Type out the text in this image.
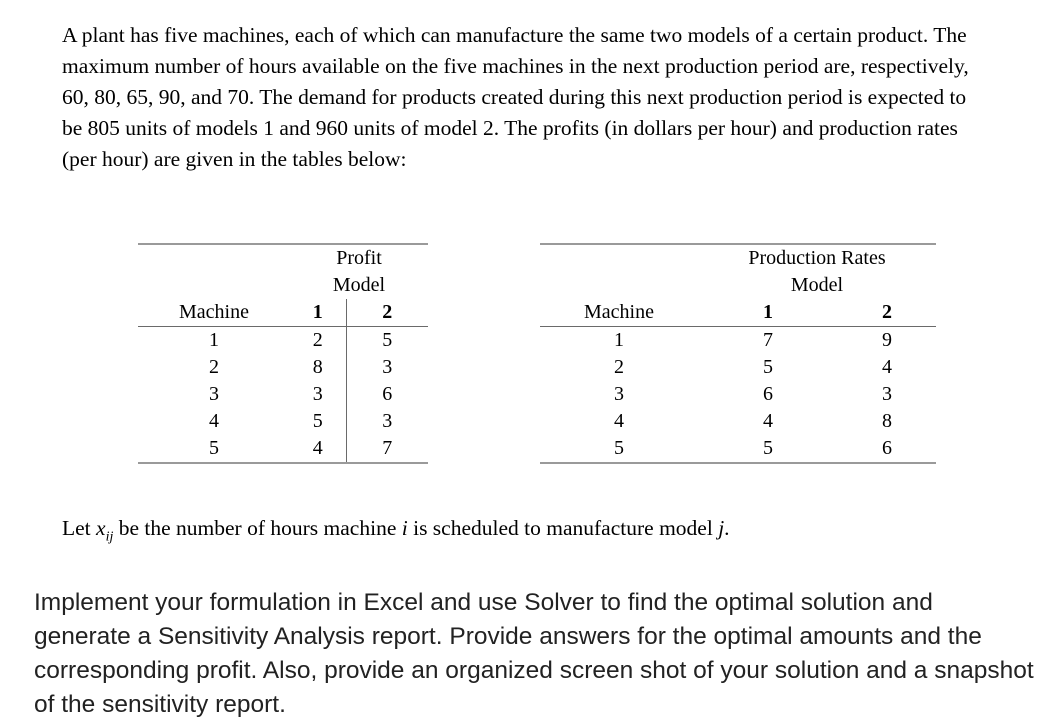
A plant has five machines, each of which can manufacture the same two models of a certain product. The maximum number of hours available on the five machines in the next production period are, respectively, 60, 80, 65, 90, and 70. The demand for products created during this next production period is expected to be 805 units of models 1 and 960 units of model 2. The profits (in dollars per hour) and production rates (per hour) are given in the tables below:

	Profit	
	Model	
Machine	1	2
1	2	5
2	8	3
3	3	6
4	5	3
5	4	7
	Production Rates	
	Model	
Machine	1	2
1	7	9
2	5	4
3	6	3
4	4	8
5	5	6

Let $x_{ij}$ be the number of hours machine i is scheduled to manufacture model j.

Implement your formulation in Excel and use Solver to find the optimal solution and generate a Sensitivity Analysis report. Provide answers for the optimal amounts and the corresponding profit. Also, provide an organized screen shot of your solution and a snapshot of the sensitivity report.
